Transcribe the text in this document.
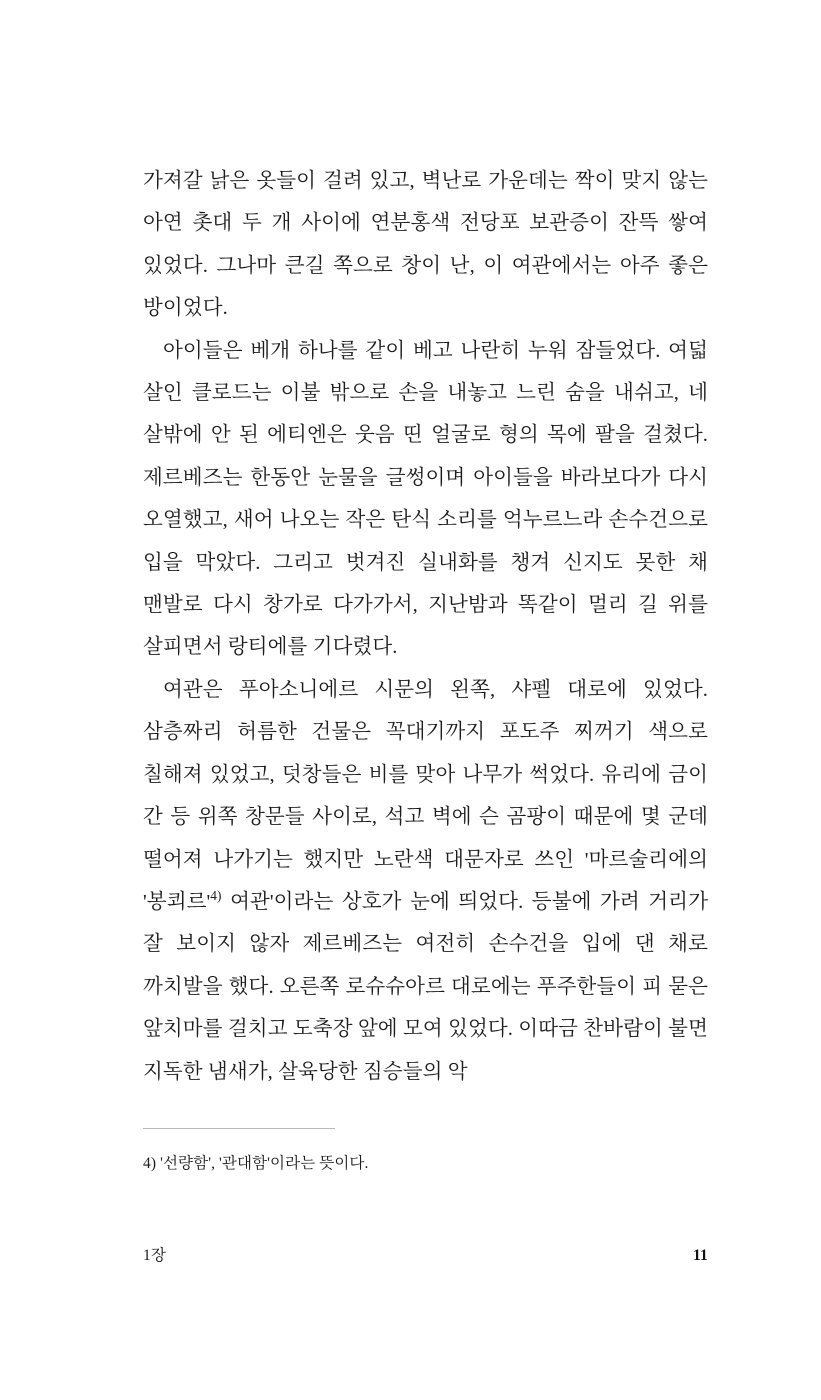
가져갈 낡은 옷들이 걸려 있고, 벽난로 가운데는 짝이 맞지 않는 아연 촛대 두 개 사이에 연분홍색 전당포 보관증이 잔뜩 쌓여 있었다. 그나마 큰길 쪽으로 창이 난, 이 여관에서는 아주 좋은 방이었다.

아이들은 베개 하나를 같이 베고 나란히 누워 잠들었다. 여덟 살인 클로드는 이불 밖으로 손을 내놓고 느린 숨을 내쉬고, 네 살밖에 안 된 에티엔은 웃음 띤 얼굴로 형의 목에 팔을 걸쳤다. 제르베즈는 한동안 눈물을 글썽이며 아이들을 바라보다가 다시 오열했고, 새어 나오는 작은 탄식 소리를 억누르느라 손수건으로 입을 막았다. 그리고 벗겨진 실내화를 챙겨 신지도 못한 채 맨발로 다시 창가로 다가가서, 지난밤과 똑같이 멀리 길 위를 살피면서 랑티에를 기다렸다.

여관은 푸아소니에르 시문의 왼쪽, 샤펠 대로에 있었다. 삼층짜리 허름한 건물은 꼭대기까지 포도주 찌꺼기 색으로 칠해져 있었고, 덧창들은 비를 맞아 나무가 썩었다. 유리에 금이 간 등 위쪽 창문들 사이로, 석고 벽에 슨 곰팡이 때문에 몇 군데 떨어져 나가기는 했지만 노란색 대문자로 쓰인 '마르술리에의 '봉쾨르'$^{4)}$ 여관'이라는 상호가 눈에 띄었다. 등불에 가려 거리가 잘 보이지 않자 제르베즈는 여전히 손수건을 입에 댄 채로 까치발을 했다. 오른쪽 로슈슈아르 대로에는 푸주한들이 피 묻은 앞치마를 걸치고 도축장 앞에 모여 있었다. 이따금 찬바람이 불면 지독한 냄새가, 살육당한 짐승들의 악

4) '선량함', '관대함'이라는 뜻이다.

1장	11
